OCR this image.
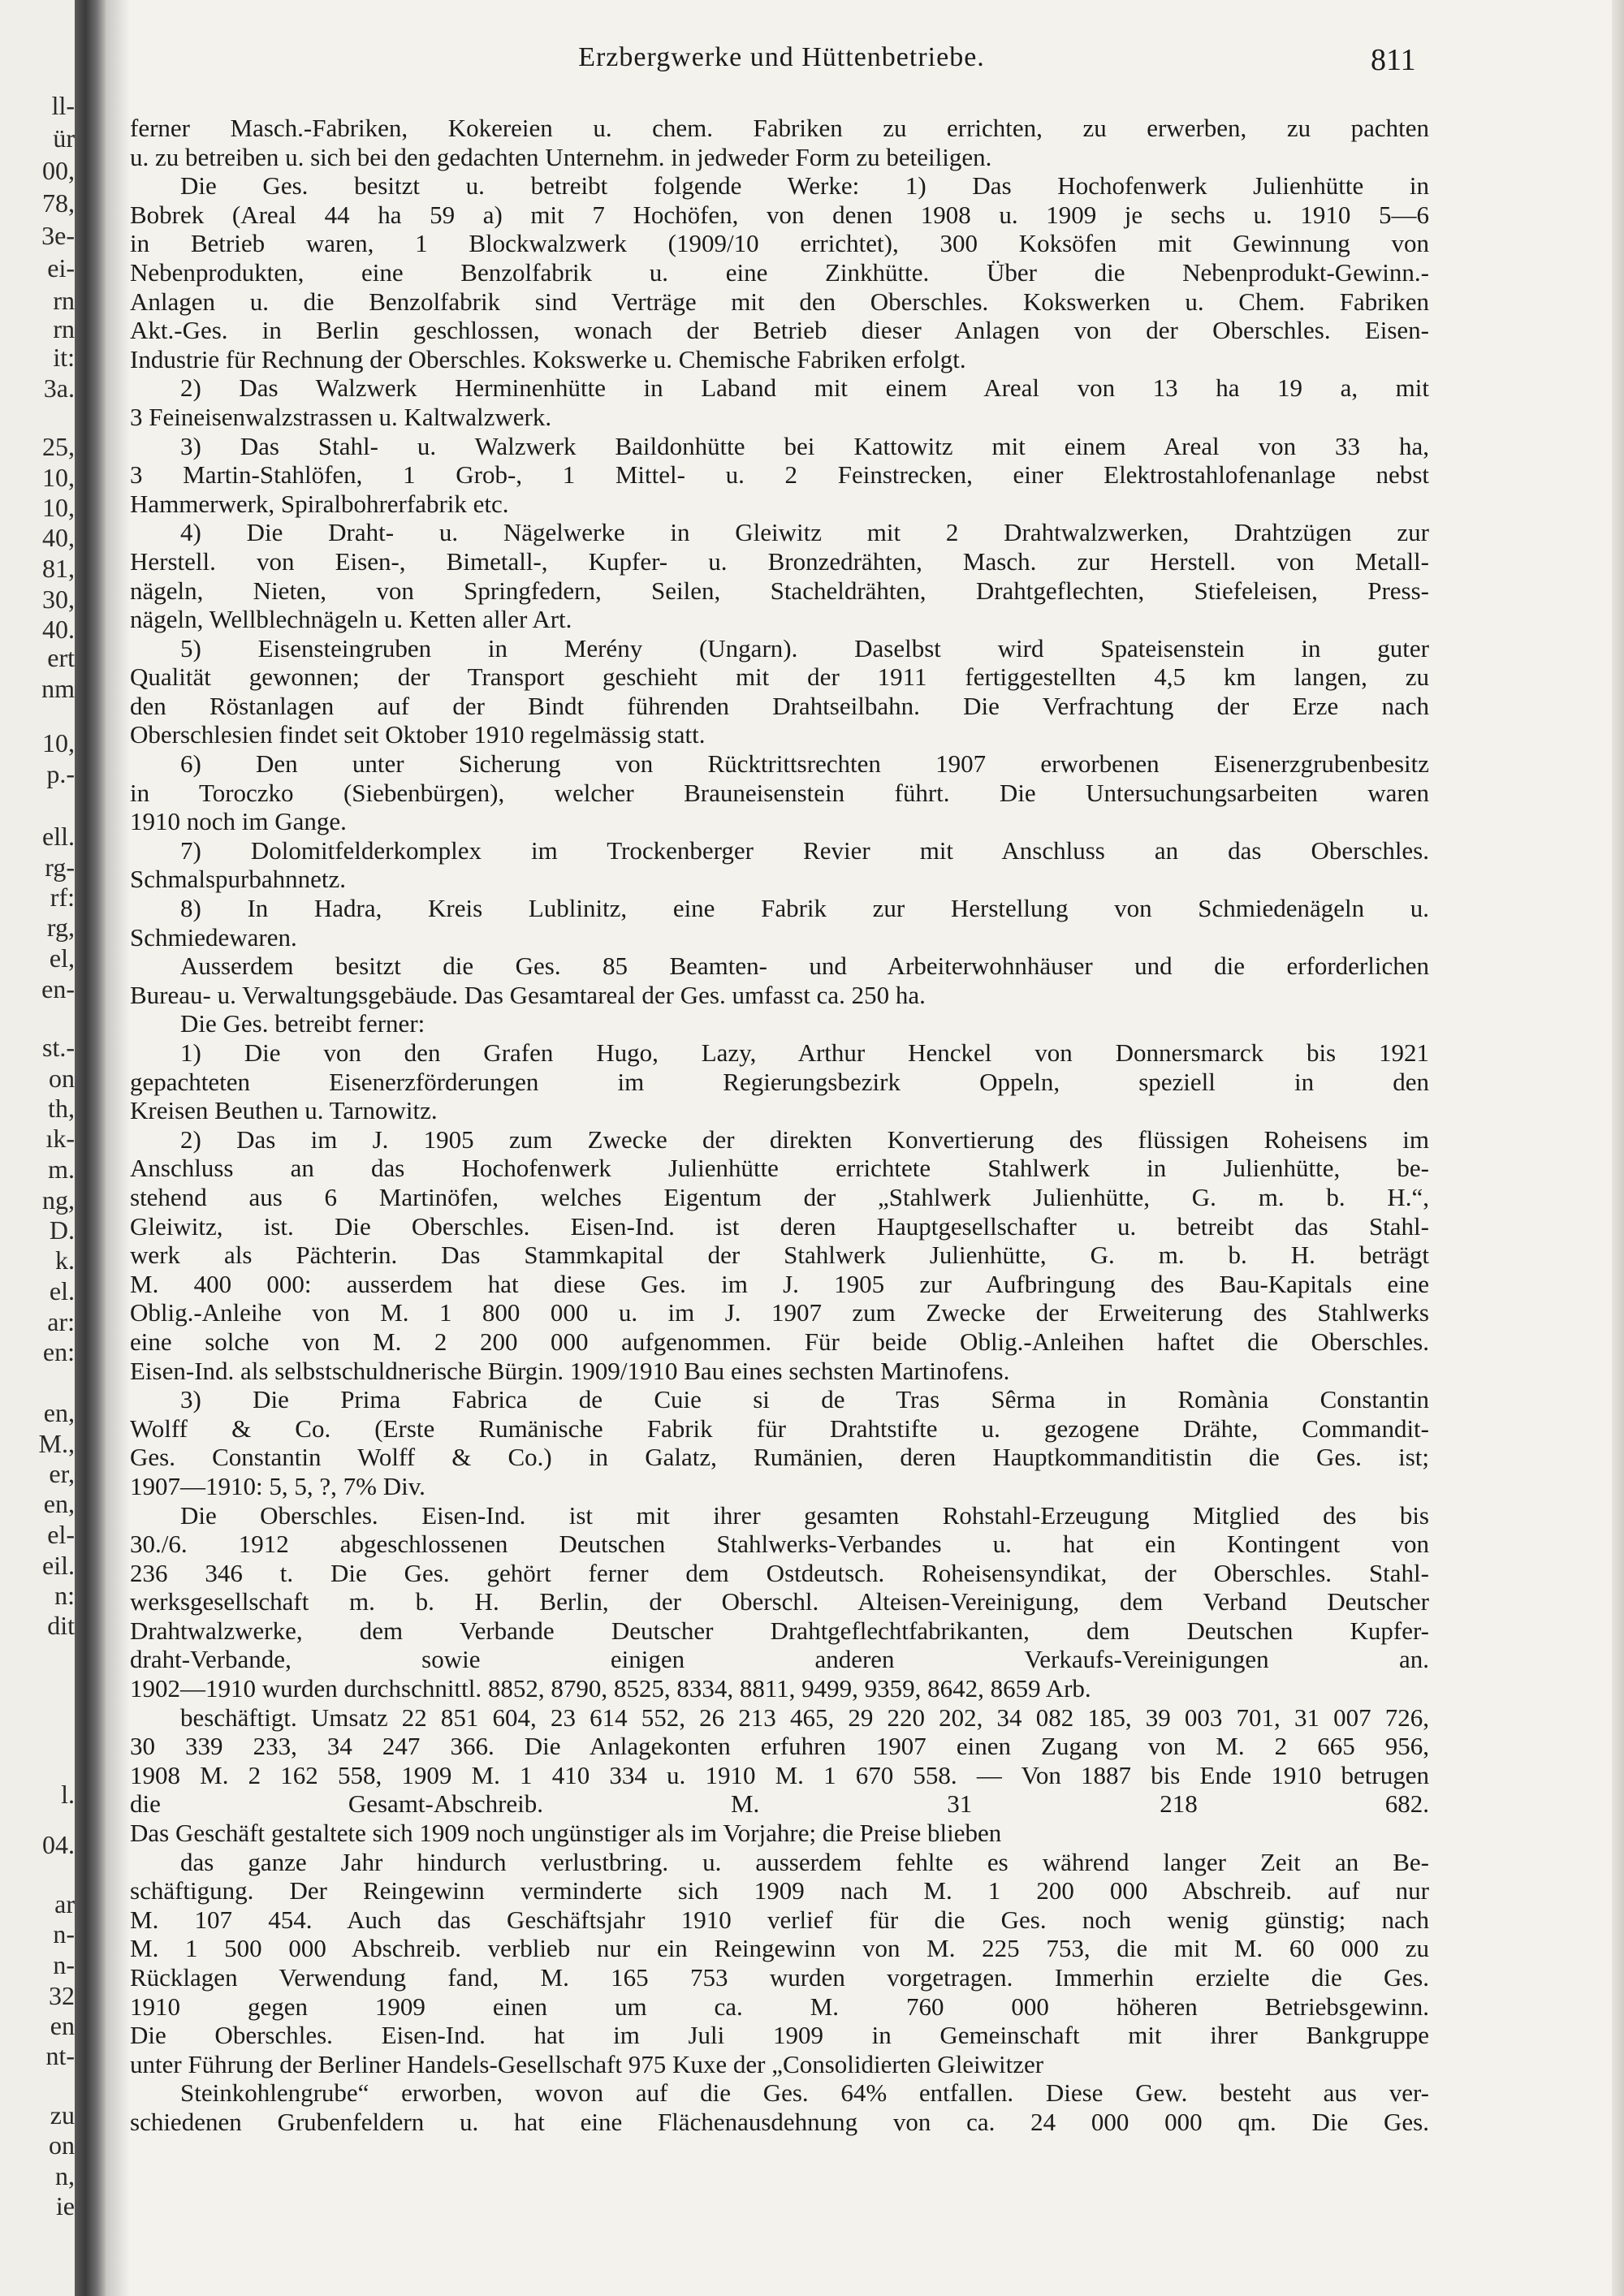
ll-
ür
00,
78,
3e-
ei-
rn
rn
it:
3a.
25,
10,
10,
40,
81,
30,
40.
ert
nm
10,
p.-
ell.
rg-
rf:
rg,
el,
en-
st.-
on
th,
ık-
m.
ng,
D.
k.
el.
ar:
en:
en,
M.,
er,
en,
el-
eil.
n:
dit
l.
04.
ar
n-
n-
32
en
nt-
zu
on
n,
ie
Erzbergwerke und Hüttenbetriebe.	811
ferner Masch.-Fabriken, Kokereien u. chem. Fabriken zu errichten, zu erwerben, zu pachten
u. zu betreiben u. sich bei den gedachten Unternehm. in jedweder Form zu beteiligen.
Die Ges. besitzt u. betreibt folgende Werke: 1) Das Hochofenwerk Julienhütte in
Bobrek (Areal 44 ha 59 a) mit 7 Hochöfen, von denen 1908 u. 1909 je sechs u. 1910 5—6
in Betrieb waren, 1 Blockwalzwerk (1909/10 errichtet), 300 Koksöfen mit Gewinnung von
Nebenprodukten, eine Benzolfabrik u. eine Zinkhütte. Über die Nebenprodukt-Gewinn.-
Anlagen u. die Benzolfabrik sind Verträge mit den Oberschles. Kokswerken u. Chem. Fabriken
Akt.-Ges. in Berlin geschlossen, wonach der Betrieb dieser Anlagen von der Oberschles. Eisen-
Industrie für Rechnung der Oberschles. Kokswerke u. Chemische Fabriken erfolgt.
2) Das Walzwerk Herminenhütte in Laband mit einem Areal von 13 ha 19 a, mit
3 Feineisenwalzstrassen u. Kaltwalzwerk.
3) Das Stahl- u. Walzwerk Baildonhütte bei Kattowitz mit einem Areal von 33 ha,
3 Martin-Stahlöfen, 1 Grob-, 1 Mittel- u. 2 Feinstrecken, einer Elektrostahlofenanlage nebst
Hammerwerk, Spiralbohrerfabrik etc.
4) Die Draht- u. Nägelwerke in Gleiwitz mit 2 Drahtwalzwerken, Drahtzügen zur
Herstell. von Eisen-, Bimetall-, Kupfer- u. Bronzedrähten, Masch. zur Herstell. von Metall-
nägeln, Nieten, von Springfedern, Seilen, Stacheldrähten, Drahtgeflechten, Stiefeleisen, Press-
nägeln, Wellblechnägeln u. Ketten aller Art.
5) Eisensteingruben in Merény (Ungarn). Daselbst wird Spateisenstein in guter
Qualität gewonnen; der Transport geschieht mit der 1911 fertiggestellten 4,5 km langen, zu
den Röstanlagen auf der Bindt führenden Drahtseilbahn. Die Verfrachtung der Erze nach
Oberschlesien findet seit Oktober 1910 regelmässig statt.
6) Den unter Sicherung von Rücktrittsrechten 1907 erworbenen Eisenerzgrubenbesitz
in Toroczko (Siebenbürgen), welcher Brauneisenstein führt. Die Untersuchungsarbeiten waren
1910 noch im Gange.
7) Dolomitfelderkomplex im Trockenberger Revier mit Anschluss an das Oberschles.
Schmalspurbahnnetz.
8) In Hadra, Kreis Lublinitz, eine Fabrik zur Herstellung von Schmiedenägeln u.
Schmiedewaren.
Ausserdem besitzt die Ges. 85 Beamten- und Arbeiterwohnhäuser und die erforderlichen
Bureau- u. Verwaltungsgebäude. Das Gesamtareal der Ges. umfasst ca. 250 ha.
Die Ges. betreibt ferner:
1) Die von den Grafen Hugo, Lazy, Arthur Henckel von Donnersmarck bis 1921
gepachteten Eisenerzförderungen im Regierungsbezirk Oppeln, speziell in den
Kreisen Beuthen u. Tarnowitz.
2) Das im J. 1905 zum Zwecke der direkten Konvertierung des flüssigen Roheisens im
Anschluss an das Hochofenwerk Julienhütte errichtete Stahlwerk in Julienhütte, be-
stehend aus 6 Martinöfen, welches Eigentum der „Stahlwerk Julienhütte, G. m. b. H.“,
Gleiwitz, ist. Die Oberschles. Eisen-Ind. ist deren Hauptgesellschafter u. betreibt das Stahl-
werk als Pächterin. Das Stammkapital der Stahlwerk Julienhütte, G. m. b. H. beträgt
M. 400 000: ausserdem hat diese Ges. im J. 1905 zur Aufbringung des Bau-Kapitals eine
Oblig.-Anleihe von M. 1 800 000 u. im J. 1907 zum Zwecke der Erweiterung des Stahlwerks
eine solche von M. 2 200 000 aufgenommen. Für beide Oblig.-Anleihen haftet die Oberschles.
Eisen-Ind. als selbstschuldnerische Bürgin. 1909/1910 Bau eines sechsten Martinofens.
3) Die Prima Fabrica de Cuie si de Tras Sêrma in Romània Constantin
Wolff & Co. (Erste Rumänische Fabrik für Drahtstifte u. gezogene Drähte, Commandit-
Ges. Constantin Wolff & Co.) in Galatz, Rumänien, deren Hauptkommanditistin die Ges. ist;
1907—1910: 5, 5, ?, 7% Div.
Die Oberschles. Eisen-Ind. ist mit ihrer gesamten Rohstahl-Erzeugung Mitglied des bis
30./6. 1912 abgeschlossenen Deutschen Stahlwerks-Verbandes u. hat ein Kontingent von
236 346 t. Die Ges. gehört ferner dem Ostdeutsch. Roheisensyndikat, der Oberschles. Stahl-
werksgesellschaft m. b. H. Berlin, der Oberschl. Alteisen-Vereinigung, dem Verband Deutscher
Drahtwalzwerke, dem Verbande Deutscher Drahtgeflechtfabrikanten, dem Deutschen Kupfer-
draht-Verbande, sowie einigen anderen Verkaufs-Vereinigungen an.
1902—1910 wurden durchschnittl. 8852, 8790, 8525, 8334, 8811, 9499, 9359, 8642, 8659 Arb.
beschäftigt. Umsatz 22 851 604, 23 614 552, 26 213 465, 29 220 202, 34 082 185, 39 003 701, 31 007 726,
30 339 233, 34 247 366. Die Anlagekonten erfuhren 1907 einen Zugang von M. 2 665 956,
1908 M. 2 162 558, 1909 M. 1 410 334 u. 1910 M. 1 670 558. — Von 1887 bis Ende 1910 betrugen
die Gesamt-Abschreib. M. 31 218 682.
Das Geschäft gestaltete sich 1909 noch ungünstiger als im Vorjahre; die Preise blieben
das ganze Jahr hindurch verlustbring. u. ausserdem fehlte es während langer Zeit an Be-
schäftigung. Der Reingewinn verminderte sich 1909 nach M. 1 200 000 Abschreib. auf nur
M. 107 454. Auch das Geschäftsjahr 1910 verlief für die Ges. noch wenig günstig; nach
M. 1 500 000 Abschreib. verblieb nur ein Reingewinn von M. 225 753, die mit M. 60 000 zu
Rücklagen Verwendung fand, M. 165 753 wurden vorgetragen. Immerhin erzielte die Ges.
1910 gegen 1909 einen um ca. M. 760 000 höheren Betriebsgewinn.
Die Oberschles. Eisen-Ind. hat im Juli 1909 in Gemeinschaft mit ihrer Bankgruppe
unter Führung der Berliner Handels-Gesellschaft 975 Kuxe der „Consolidierten Gleiwitzer
Steinkohlengrube“ erworben, wovon auf die Ges. 64% entfallen. Diese Gew. besteht aus ver-
schiedenen Grubenfeldern u. hat eine Flächenausdehnung von ca. 24 000 000 qm. Die Ges.
